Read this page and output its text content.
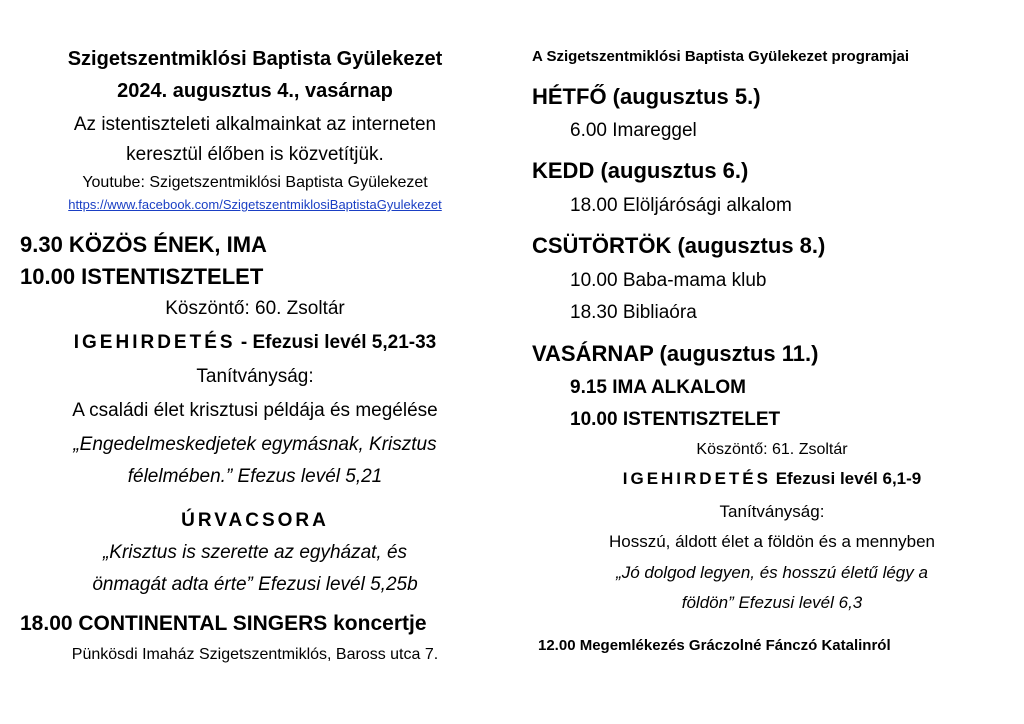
Szigetszentmiklósi Baptista Gyülekezet
2024. augusztus 4., vasárnap
Az istentiszteleti alkalmainkat az interneten
keresztül élőben is közvetítjük.
Youtube: Szigetszentmiklósi Baptista Gyülekezet
https://www.facebook.com/SzigetszentmiklosiBaptistaGyulekezet
9.30 KÖZÖS ÉNEK, IMA
10.00 ISTENTISZTELET
Köszöntő: 60. Zsoltár
IGEHIRDETÉS - Efezusi levél 5,21-33
Tanítványság:
A családi élet krisztusi példája és megélése
„Engedelmeskedjetek egymásnak, Krisztus
félelmében.” Efezus levél 5,21
ÚRVACSORA
„Krisztus is szerette az egyházat, és
önmagát adta érte” Efezusi levél 5,25b
18.00 CONTINENTAL SINGERS koncertje
Pünkösdi Imaház Szigetszentmiklós, Baross utca 7.
A Szigetszentmiklósi Baptista Gyülekezet programjai
HÉTFŐ (augusztus 5.)
6.00 Imareggel
KEDD (augusztus 6.)
18.00 Elöljárósági alkalom
CSÜTÖRTÖK (augusztus 8.)
10.00 Baba-mama klub
18.30 Bibliaóra
VASÁRNAP (augusztus 11.)
9.15 IMA ALKALOM
10.00 ISTENTISZTELET
Köszöntő: 61. Zsoltár
IGEHIRDETÉS Efezusi levél 6,1-9
Tanítványság:
Hosszú, áldott élet a földön és a mennyben
„Jó dolgod legyen, és hosszú életű légy a
földön” Efezusi levél 6,3
12.00 Megemlékezés Gráczolné Fánczó Katalinról
